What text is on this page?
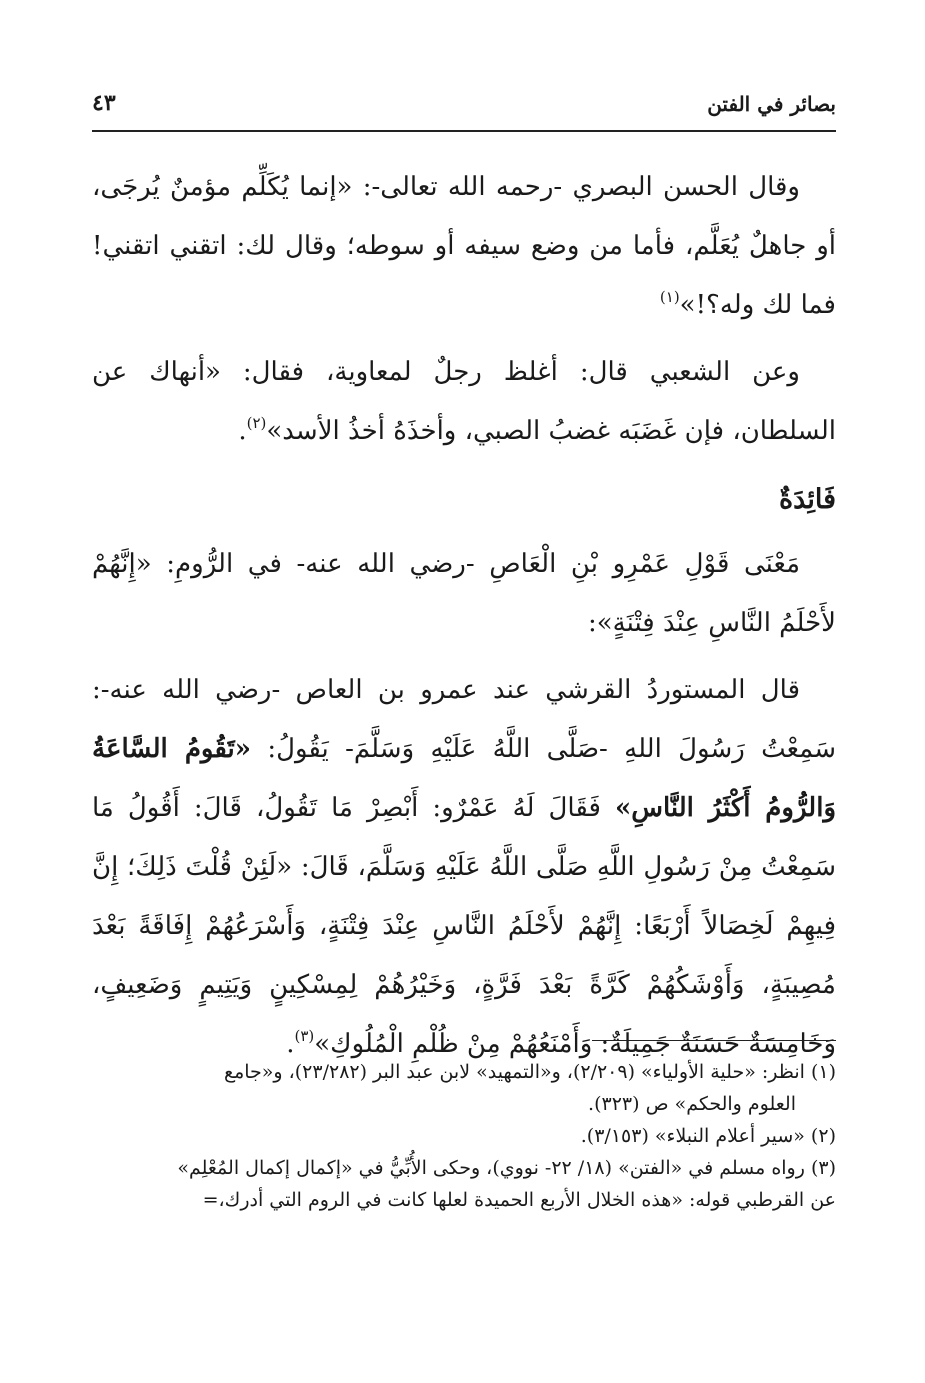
بصائر في الفتن
٤٣

وقال الحسن البصري -رحمه الله تعالى-: «إنما يُكَلِّم مؤمنٌ يُرجَى، أو جاهلٌ يُعَلَّم، فأما من وضع سيفه أو سوطه؛ وقال لك: اتقني اتقني! فما لك وله؟!»$^{(١)}$

وعن الشعبي قال: أغلظ رجلٌ لمعاوية، فقال: «أنهاك عن السلطان، فإن غَضَبَه غضبُ الصبي، وأخذَهُ أخذُ الأسد»$^{(٢)}$.

فَائِدَةٌ

مَعْنَى قَوْلِ عَمْرِو بْنِ الْعَاصِ -رضي الله عنه- في الرُّومِ: «إِنَّهُمْ لأَحْلَمُ النَّاسِ عِنْدَ فِتْنَةٍ»:

قال المستوردُ القرشي عند عمرو بن العاص -رضي الله عنه-: سَمِعْتُ رَسُولَ اللهِ -صَلَّى اللَّهُ عَلَيْهِ وَسَلَّمَ- يَقُولُ: «تَقُومُ السَّاعَةُ وَالرُّومُ أَكْثَرُ النَّاسِ» فَقَالَ لَهُ عَمْرٌو: أَبْصِرْ مَا تَقُولُ، قَالَ: أَقُولُ مَا سَمِعْتُ مِنْ رَسُولِ اللَّهِ صَلَّى اللَّهُ عَلَيْهِ وَسَلَّمَ، قَالَ: «لَئِنْ قُلْتَ ذَلِكَ؛ إِنَّ فِيهِمْ لَخِصَالاً أَرْبَعًا: إِنَّهُمْ لأَحْلَمُ النَّاسِ عِنْدَ فِتْنَةٍ، وَأَسْرَعُهُمْ إِفَاقَةً بَعْدَ مُصِيبَةٍ، وَأَوْشَكُهُمْ كَرَّةً بَعْدَ فَرَّةٍ، وَخَيْرُهُمْ لِمِسْكِينٍ وَيَتِيمٍ وَضَعِيفٍ، وَخَامِسَةٌ حَسَنَةٌ جَمِيلَةٌ: وَأَمْنَعُهُمْ مِنْ ظُلْمِ الْمُلُوكِ»$^{(٣)}$.

(١) انظر: «حلية الأولياء» (٢/٢٠٩)، و«التمهيد» لابن عبد البر (٢٣/٢٨٢)، و«جامع
العلوم والحكم» ص (٣٢٣).

(٢) «سير أعلام النبلاء» (٣/١٥٣).

(٣) رواه مسلم في «الفتن» (١٨/ ٢٢- نووي)، وحكى الأُبِّيُّ في «إكمال إكمال المُعْلِم»
عن القرطبي قوله: «هذه الخلال الأربع الحميدة لعلها كانت في الروم التي أدرك،=
